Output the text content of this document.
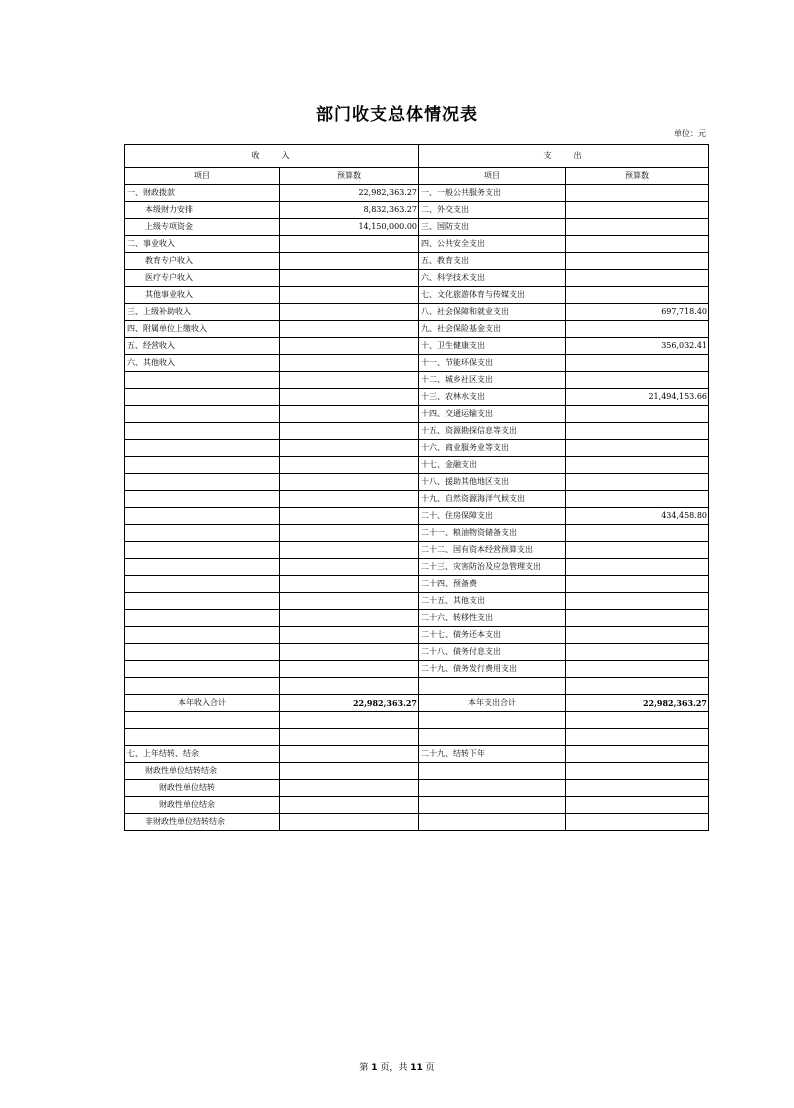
部门收支总体情况表
单位：元
收　　入		支　　出	
项目	预算数	项目	预算数
一、财政拨款	22,982,363.27	一、一般公共服务支出	
本级财力安排	8,832,363.27	二、外交支出	
上级专项资金	14,150,000.00	三、国防支出	
二、事业收入		四、公共安全支出	
教育专户收入		五、教育支出	
医疗专户收入		六、科学技术支出	
其他事业收入		七、文化旅游体育与传媒支出	
三、上级补助收入		八、社会保障和就业支出	697,718.40
四、附属单位上缴收入		九、社会保险基金支出	
五、经营收入		十、卫生健康支出	356,032.41
六、其他收入		十一、节能环保支出	
		十二、城乡社区支出	
		十三、农林水支出	21,494,153.66
		十四、交通运输支出	
		十五、资源勘探信息等支出	
		十六、商业服务业等支出	
		十七、金融支出	
		十八、援助其他地区支出	
		十九、自然资源海洋气候支出	
		二十、住房保障支出	434,458.80
		二十一、粮油物资储备支出	
		二十二、国有资本经营预算支出	
		二十三、灾害防治及应急管理支出	
		二十四、预备费	
		二十五、其他支出	
		二十六、转移性支出	
		二十七、债务还本支出	
		二十八、债务付息支出	
		二十九、债务发行费用支出	

本年收入合计	22,982,363.27	本年支出合计	22,982,363.27

七、上年结转、结余		二十九、结转下年	
财政性单位结转结余			
财政性单位结转			
财政性单位结余			
非财政性单位结转结余			
第 1 页，共 11 页
